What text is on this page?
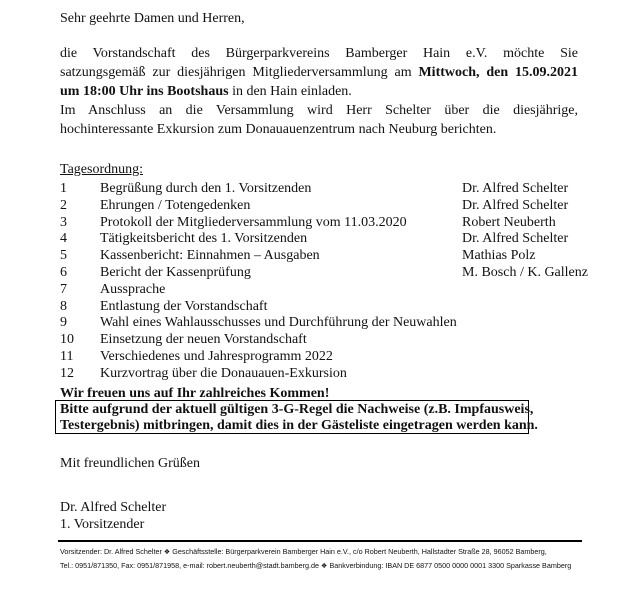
Sehr geehrte Damen und Herren,
die Vorstandschaft des Bürgerparkvereins Bamberger Hain e.V. möchte Sie
satzungsgemäß zur diesjährigen Mitgliederversammlung am Mittwoch, den 15.09.2021
um 18:00 Uhr ins Bootshaus in den Hain einladen.
Im Anschluss an die Versammlung wird Herr Schelter über die diesjährige,
hochinteressante Exkursion zum Donauauenzentrum nach Neuburg berichten.
Tagesordnung:
1 Begrüßung durch den 1. Vorsitzenden	Dr. Alfred Schelter
2 Ehrungen / Totengedenken	Dr. Alfred Schelter
3 Protokoll der Mitgliederversammlung vom 11.03.2020	Robert Neuberth
4 Tätigkeitsbericht des 1. Vorsitzenden	Dr. Alfred Schelter
5 Kassenbericht: Einnahmen – Ausgaben	Mathias Polz
6 Bericht der Kassenprüfung	M. Bosch / K. Gallenz
7 Aussprache
8 Entlastung der Vorstandschaft
9 Wahl eines Wahlausschusses und Durchführung der Neuwahlen
10 Einsetzung der neuen Vorstandschaft
11 Verschiedenes und Jahresprogramm 2022
12 Kurzvortrag über die Donauauen-Exkursion
Wir freuen uns auf Ihr zahlreiches Kommen!
Bitte aufgrund der aktuell gültigen 3-G-Regel die Nachweise (z.B. Impfausweis,
Testergebnis) mitbringen, damit dies in der Gästeliste eingetragen werden kann.
Mit freundlichen Grüßen
Dr. Alfred Schelter
1. Vorsitzender
Vorsitzender: Dr. Alfred Schelter ❖ Geschäftsstelle: Bürgerparkverein Bamberger Hain e.V., c/o Robert Neuberth, Hallstadter Straße 28, 96052 Bamberg,
Tel.: 0951/871350, Fax: 0951/871958, e-mail: robert.neuberth@stadt.bamberg.de ❖ Bankverbindung: IBAN DE 6877 0500 0000 0001 3300 Sparkasse Bamberg
